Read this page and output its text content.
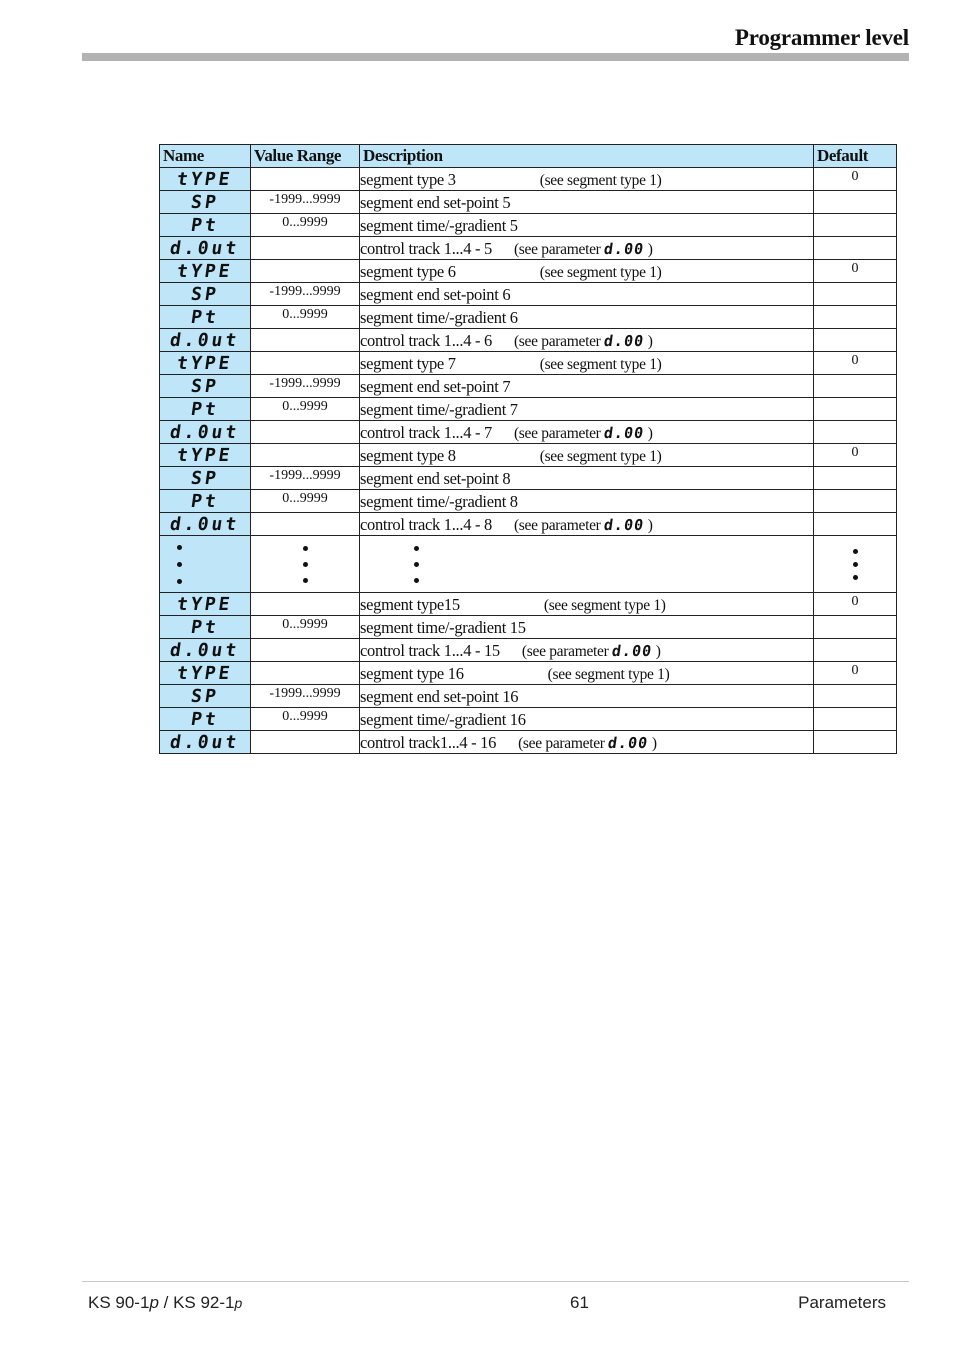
Programmer level
Name	Value Range	Description	Default
tYPE		segment type 3 (see segment type 1)	0
SP	-1999...9999	segment end set-point 5	
Pt	0...9999	segment time/-gradient 5	
d.0ut		control track 1...4 - 5 (see parameter d.00 )	
tYPE		segment type 6 (see segment type 1)	0
SP	-1999...9999	segment end set-point 6	
Pt	0...9999	segment time/-gradient 6	
d.0ut		control track 1...4 - 6 (see parameter d.00 )	
tYPE		segment type 7 (see segment type 1)	0
SP	-1999...9999	segment end set-point 7	
Pt	0...9999	segment time/-gradient 7	
d.0ut		control track 1...4 - 7 (see parameter d.00 )	
tYPE		segment type 8 (see segment type 1)	0
SP	-1999...9999	segment end set-point 8	
Pt	0...9999	segment time/-gradient 8	
d.0ut		control track 1...4 - 8 (see parameter d.00 )	

tYPE		segment type15 (see segment type 1)	0
Pt	0...9999	segment time/-gradient 15	
d.0ut		control track 1...4 - 15 (see parameter d.00 )	
tYPE		segment type 16 (see segment type 1)	0
SP	-1999...9999	segment end set-point 16	
Pt	0...9999	segment time/-gradient 16	
d.0ut		control track1...4 - 16 (see parameter d.00 )	
KS 90-1p / KS 92-1p	61	Parameters
